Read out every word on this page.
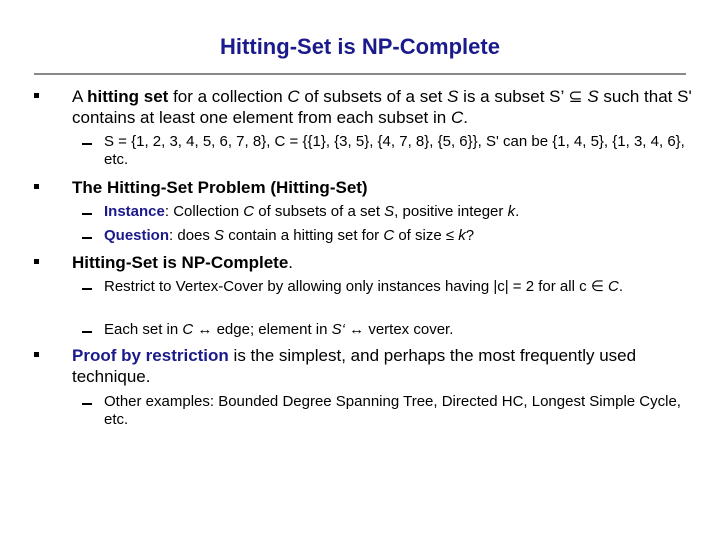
Hitting-Set is NP-Complete
A hitting set for a collection C of subsets of a set S is a subset S’ ⊆ S such that S' contains at least one element from each subset in C.
S = {1, 2, 3, 4, 5, 6, 7, 8}, C = {{1}, {3, 5}, {4, 7, 8}, {5, 6}}, S' can be {1, 4, 5}, {1, 3, 4, 6}, etc.
The Hitting-Set Problem (Hitting-Set)
Instance: Collection C of subsets of a set S, positive integer k.
Question: does S contain a hitting set for C of size ≤ k?
Hitting-Set is NP-Complete.
Restrict to Vertex-Cover by allowing only instances having |c| = 2 for all c ∈ C.
Each set in C ↔ edge; element in S‘ ↔ vertex cover.
Proof by restriction is the simplest, and perhaps the most frequently used technique.
Other examples: Bounded Degree Spanning Tree, Directed HC, Longest Simple Cycle, etc.
